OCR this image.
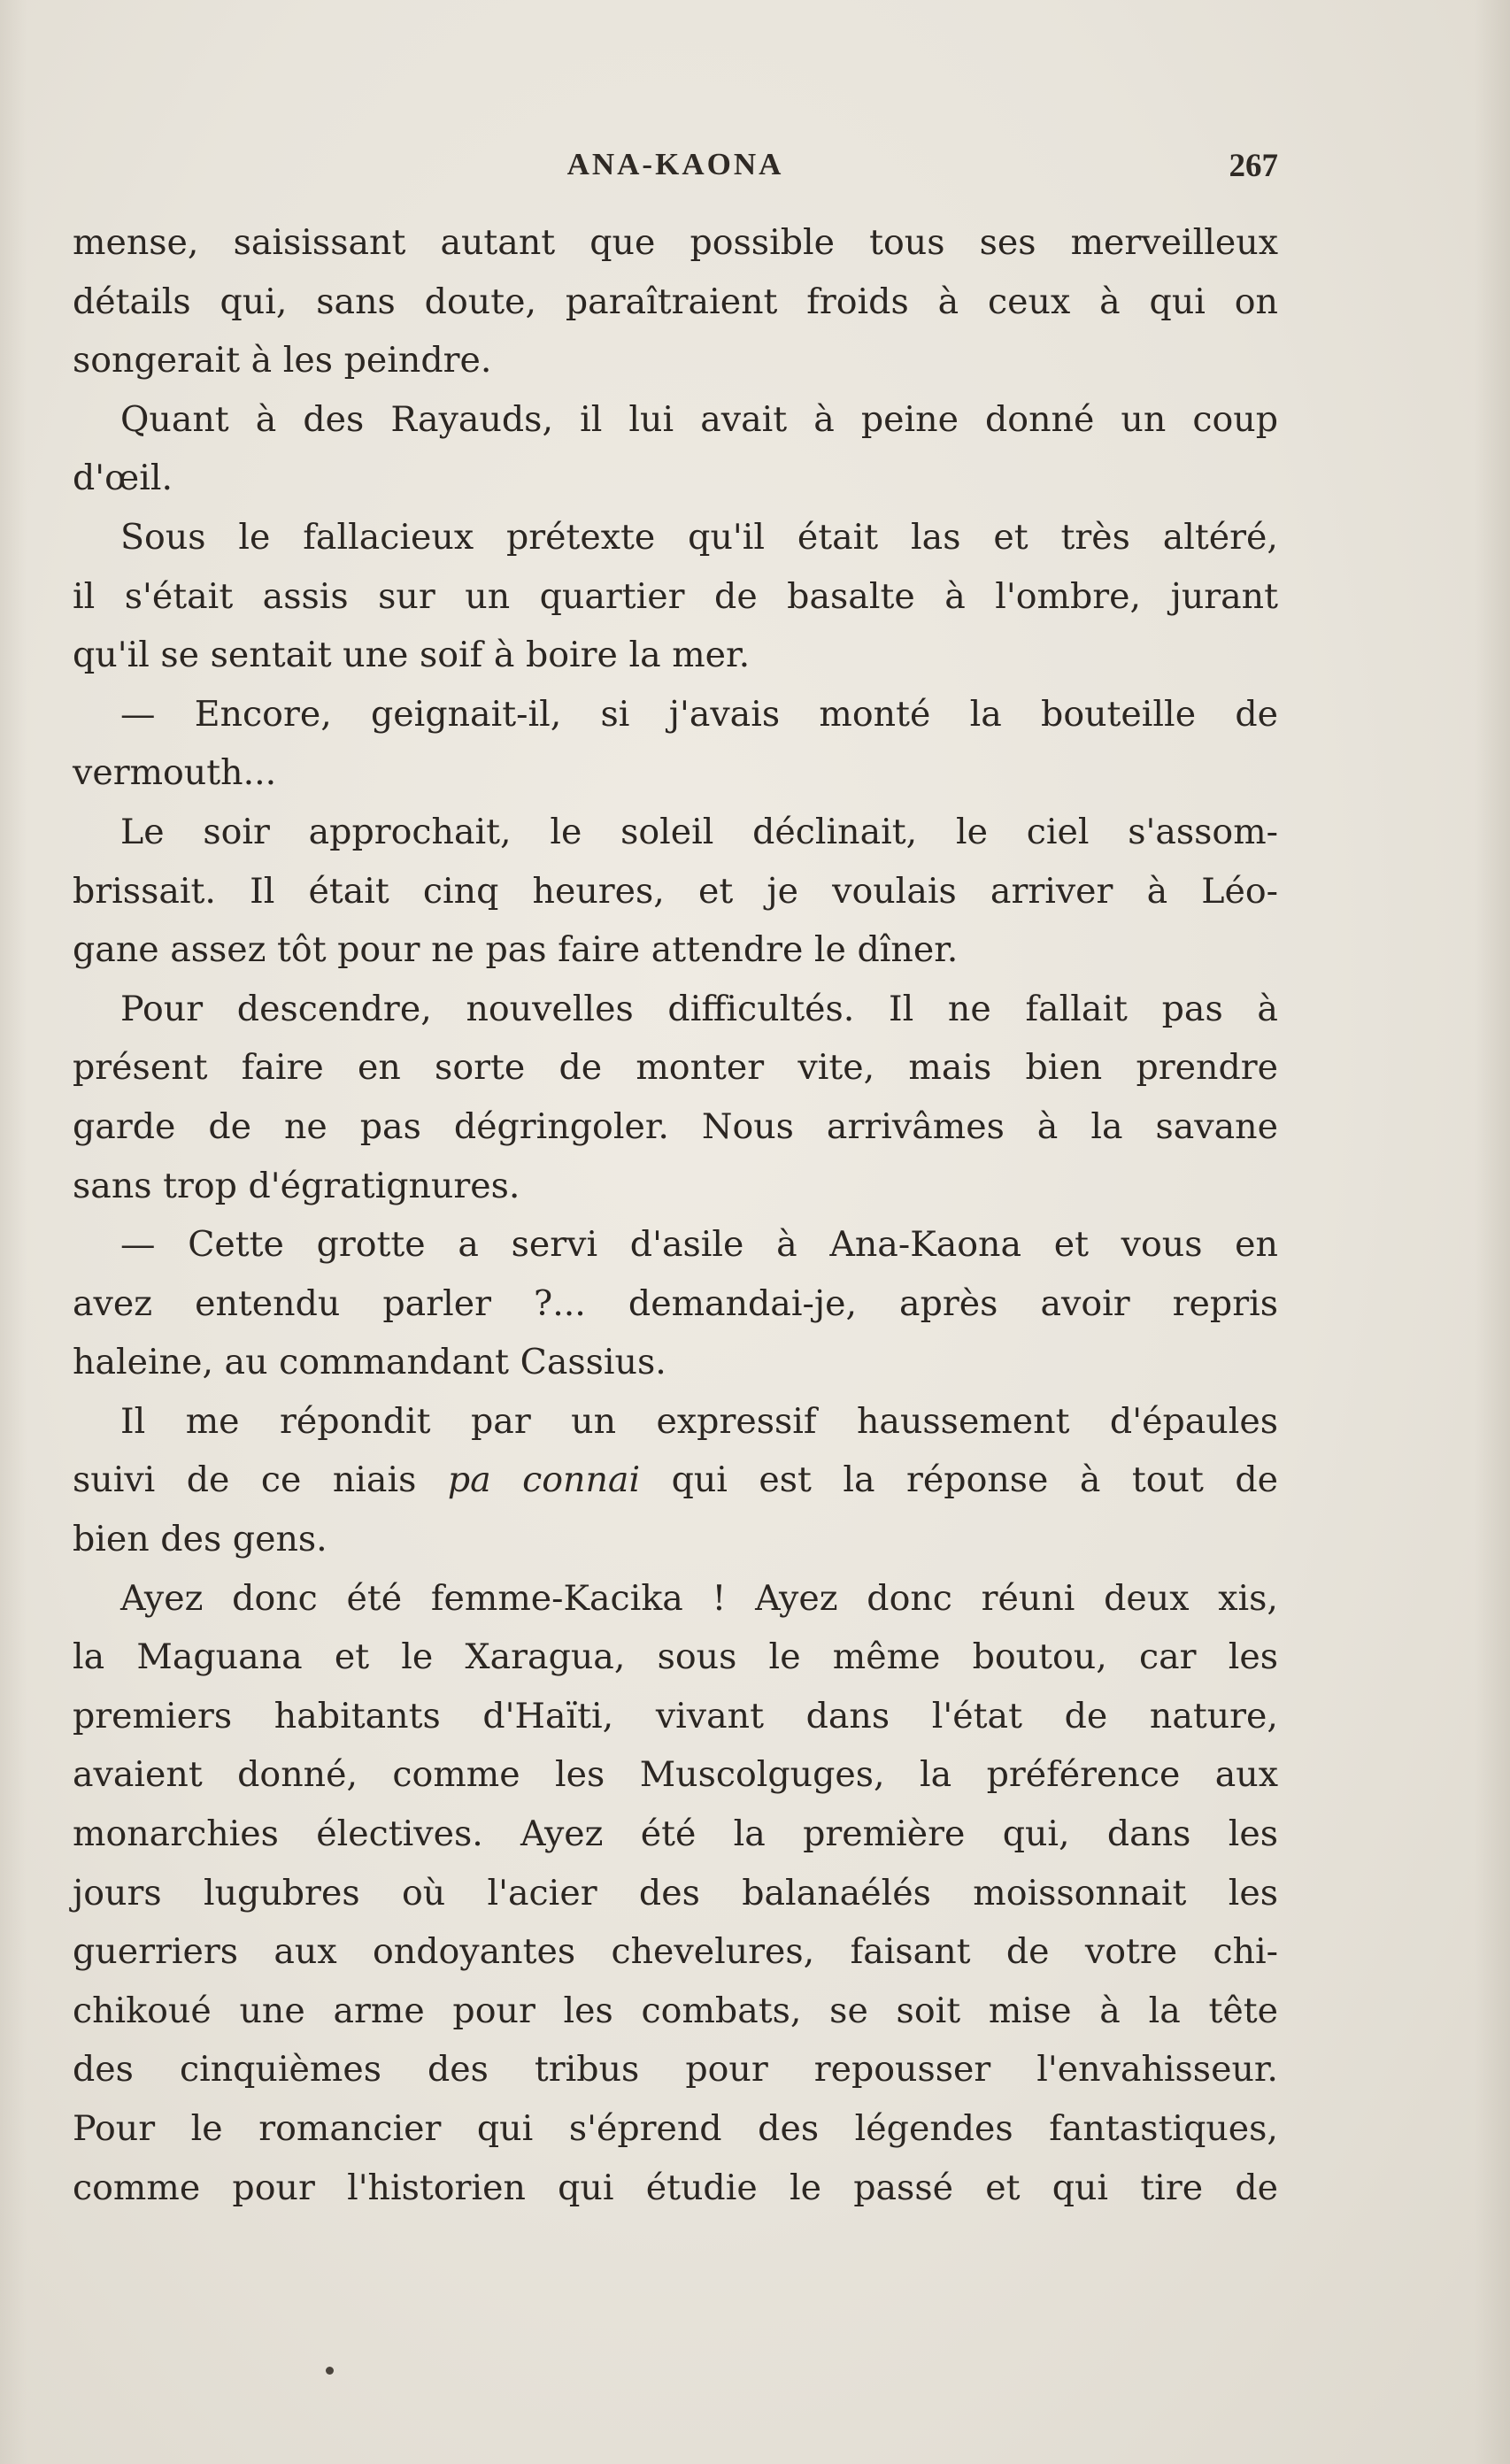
ANA-KAONA	267
mense, saisissant autant que possible tous ses merveilleux
détails qui, sans doute, paraîtraient froids à ceux à qui on
songerait à les peindre.
Quant à des Rayauds, il lui avait à peine donné un coup
d'œil.
Sous le fallacieux prétexte qu'il était las et très altéré,
il s'était assis sur un quartier de basalte à l'ombre, jurant
qu'il se sentait une soif à boire la mer.
— Encore, geignait-il, si j'avais monté la bouteille de
vermouth...
Le soir approchait, le soleil déclinait, le ciel s'assom-
brissait. Il était cinq heures, et je voulais arriver à Léo-
gane assez tôt pour ne pas faire attendre le dîner.
Pour descendre, nouvelles difficultés. Il ne fallait pas à
présent faire en sorte de monter vite, mais bien prendre
garde de ne pas dégringoler. Nous arrivâmes à la savane
sans trop d'égratignures.
— Cette grotte a servi d'asile à Ana-Kaona et vous en
avez entendu parler ?... demandai-je, après avoir repris
haleine, au commandant Cassius.
Il me répondit par un expressif haussement d'épaules
suivi de ce niais pa connai qui est la réponse à tout de
bien des gens.
Ayez donc été femme-Kacika ! Ayez donc réuni deux xis,
la Maguana et le Xaragua, sous le même boutou, car les
premiers habitants d'Haïti, vivant dans l'état de nature,
avaient donné, comme les Muscolguges, la préférence aux
monarchies électives. Ayez été la première qui, dans les
jours lugubres où l'acier des balanaélés moissonnait les
guerriers aux ondoyantes chevelures, faisant de votre chi-
chikoué une arme pour les combats, se soit mise à la tête
des cinquièmes des tribus pour repousser l'envahisseur.
Pour le romancier qui s'éprend des légendes fantastiques,
comme pour l'historien qui étudie le passé et qui tire de
